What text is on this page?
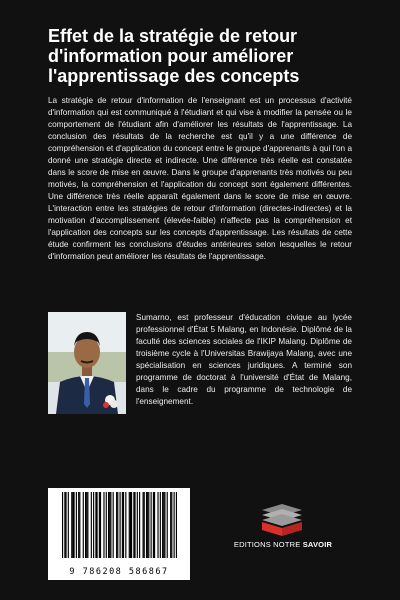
Effet de la stratégie de retour d'information pour améliorer l'apprentissage des concepts

La stratégie de retour d'information de l'enseignant est un processus d'activité d'information qui est communiqué à l'étudiant et qui vise à modifier la pensée ou le comportement de l'étudiant afin d'améliorer les résultats de l'apprentissage. La conclusion des résultats de la recherche est qu'il y a une différence de compréhension et d'application du concept entre le groupe d'apprenants à qui l'on a donné une stratégie directe et indirecte. Une différence très réelle est constatée dans le score de mise en œuvre. Dans le groupe d'apprenants très motivés ou peu motivés, la compréhension et l'application du concept sont également différentes. Une différence très réelle apparaît également dans le score de mise en œuvre. L'interaction entre les stratégies de retour d'information (directes-indirectes) et la motivation d'accomplissement (élevée-faible) n'affecte pas la compréhension et l'application des concepts sur les concepts d'apprentissage. Les résultats de cette étude confirment les conclusions d'études antérieures selon lesquelles le retour d'information peut améliorer les résultats de l'apprentissage.

Sumarno, est professeur d'éducation civique au lycée professionnel d'État 5 Malang, en Indonésie. Diplômé de la faculté des sciences sociales de l'IKIP Malang. Diplôme de troisième cycle à l'Universitas Brawijaya Malang, avec une spécialisation en sciences juridiques. A terminé son programme de doctorat à l'université d'État de Malang, dans le cadre du programme de technologie de l'enseignement.

9 786208 586867
EDITIONS NOTRE SAVOIR
